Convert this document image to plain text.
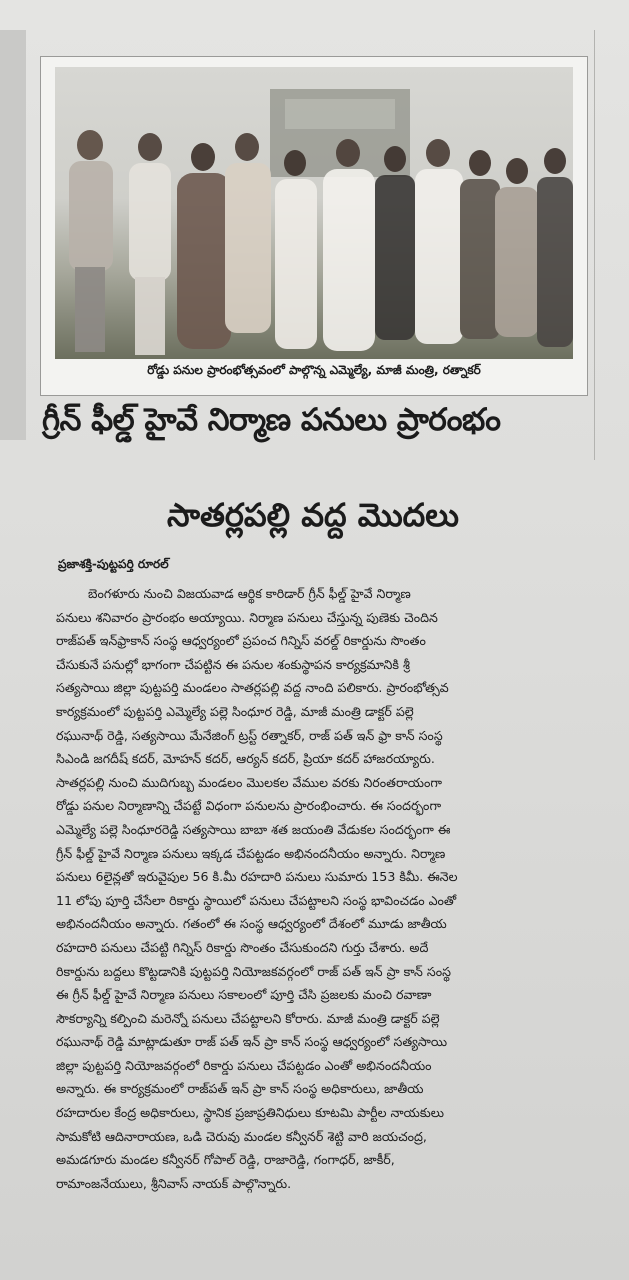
రోడ్డు పనుల ప్రారంభోత్సవంలో పాల్గొన్న ఎమ్మెల్యే, మాజీ మంత్రి, రత్నాకర్
గ్రీన్ ఫీల్డ్ హైవే నిర్మాణ పనులు ప్రారంభం
సాతర్లపల్లి వద్ద మొదలు
ప్రజాశక్తి-పుట్టపర్తి రూరల్
బెంగళూరు నుంచి విజయవాడ ఆర్థిక కారిడార్ గ్రీన్ ఫీల్డ్ హైవే నిర్మాణ
పనులు శనివారం ప్రారంభం అయ్యాయి. నిర్మాణ పనులు చేస్తున్న పుణెకు చెందిన
రాజ్‌పత్ ఇన్‌ఫ్రాకాన్ సంస్థ ఆధ్వర్యంలో ప్రపంచ గిన్నిస్ వరల్డ్ రికార్డును సొంతం
చేసుకునే పనుల్లో భాగంగా చేపట్టిన ఈ పనుల శంకుస్థాపన కార్యక్రమానికి శ్రీ
సత్యసాయి జిల్లా పుట్టపర్తి మండలం సాతర్లపల్లి వద్ద నాంది పలికారు. ప్రారంభోత్సవ
కార్యక్రమంలో పుట్టపర్తి ఎమ్మెల్యే పల్లె సింధూర రెడ్డి, మాజీ మంత్రి డాక్టర్ పల్లె
రఘునాథ్ రెడ్డి, సత్యసాయి మేనేజింగ్ ట్రస్ట్ రత్నాకర్, రాజ్ పత్ ఇన్ ఫ్రా కాన్ సంస్థ
సిఎండి జగదీష్ కదర్, మోహన్ కదర్, ఆర్యన్ కదర్, ప్రియా కదర్ హాజరయ్యారు.
సాతర్లపల్లి నుంచి ముదిగుబ్బ మండలం మొలకల వేముల వరకు నిరంతరాయంగా
రోడ్డు పనుల నిర్మాణాన్ని చేపట్టే విధంగా పనులను ప్రారంభించారు. ఈ సందర్భంగా
ఎమ్మెల్యే పల్లె సింధూరరెడ్డి సత్యసాయి బాబా శత జయంతి వేడుకల సందర్భంగా ఈ
గ్రీన్ ఫీల్డ్ హైవే నిర్మాణ పనులు ఇక్కడ చేపట్టడం అభినందనీయం అన్నారు. నిర్మాణ
పనులు 6లైన్లతో ఇరువైపుల 56 కి.మీ రహదారి పనులు సుమారు 153 కిమీ. ఈనెల
11 లోపు పూర్తి చేసేలా రికార్డు స్థాయిలో పనులు చేపట్టాలని సంస్థ భావించడం ఎంతో
అభినందనీయం అన్నారు. గతంలో ఈ సంస్థ ఆధ్వర్యంలో దేశంలో మూడు జాతీయ
రహదారి పనులు చేపట్టి గిన్నిస్ రికార్డు సొంతం చేసుకుందని గుర్తు చేశారు. అదే
రికార్డును బద్దలు కొట్టడానికి పుట్టపర్తి నియోజకవర్గంలో రాజ్ పత్ ఇన్ ప్రా కాన్ సంస్థ
ఈ గ్రీన్ ఫీల్డ్ హైవే నిర్మాణ పనులు సకాలంలో పూర్తి చేసి ప్రజలకు మంచి రవాణా
సౌకర్యాన్ని కల్పించి మరెన్నో పనులు చేపట్టాలని కోరారు. మాజీ మంత్రి డాక్టర్ పల్లె
రఘునాథ్ రెడ్డి మాట్లాడుతూ రాజ్ పత్ ఇన్ ప్రా కాన్ సంస్థ ఆధ్వర్యంలో సత్యసాయి
జిల్లా పుట్టపర్తి నియోజవర్గంలో రికార్డు పనులు చేపట్టడం ఎంతో అభినందనీయం
అన్నారు. ఈ కార్యక్రమంలో రాజ్‌పత్ ఇన్ ప్రా కాన్ సంస్థ అధికారులు, జాతీయ
రహదారుల కేంద్ర అధికారులు, స్థానిక ప్రజాప్రతినిధులు కూటమి పార్టీల నాయకులు
సామకోటి ఆదినారాయణ, ఒడి చెరువు మండల కన్వీనర్ శెట్టి వారి జయచంద్ర,
అమడగూరు మండల కన్వీనర్ గోపాల్ రెడ్డి, రాజారెడ్డి, గంగాధర్, జాకీర్,
రామాంజనేయులు, శ్రీనివాస్ నాయక్ పాల్గొన్నారు.
